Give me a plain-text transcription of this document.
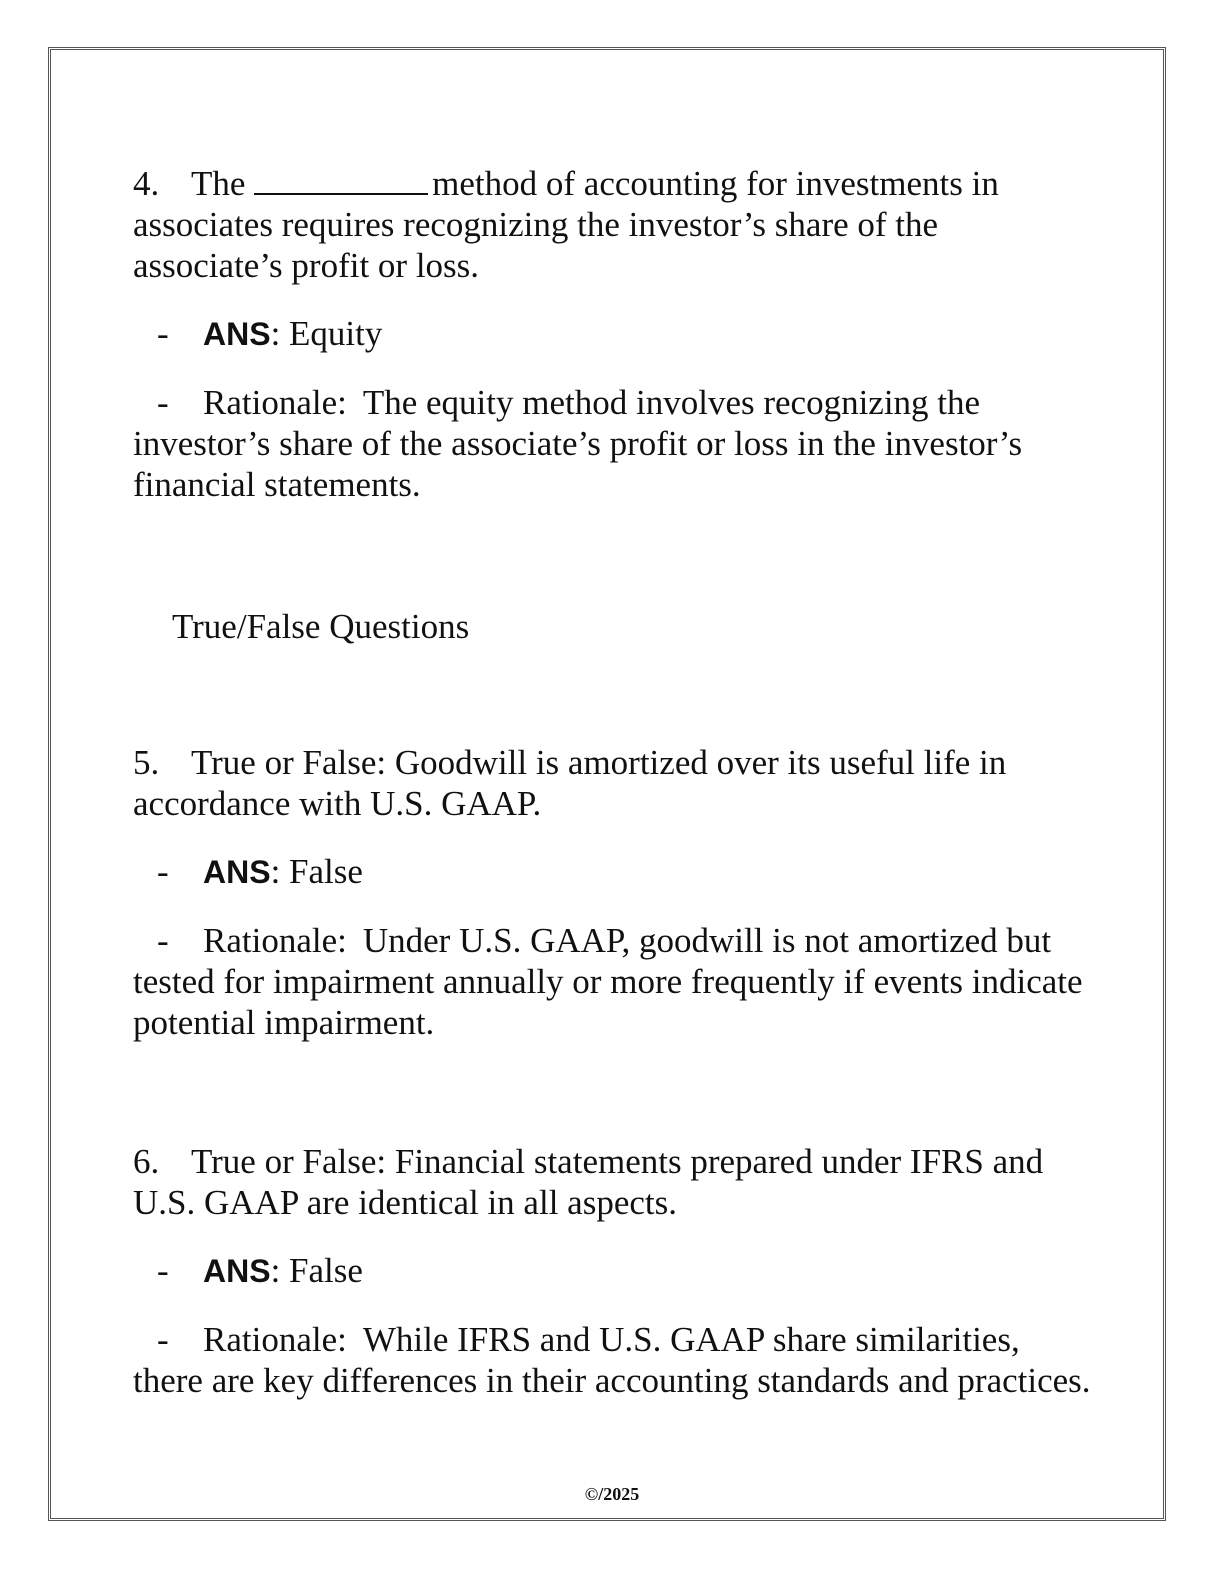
4. The	method of accounting for investments in associates requires recognizing the investor’s share of the associate’s profit or loss.

- ANS: Equity

- Rationale: The equity method involves recognizing the investor’s share of the associate’s profit or loss in the investor’s financial statements.

True/False Questions

5. True or False: Goodwill is amortized over its useful life in accordance with U.S. GAAP.

- ANS: False

- Rationale: Under U.S. GAAP, goodwill is not amortized but tested for impairment annually or more frequently if events indicate potential impairment.

6. True or False: Financial statements prepared under IFRS and U.S. GAAP are identical in all aspects.

- ANS: False

- Rationale: While IFRS and U.S. GAAP share similarities, there are key differences in their accounting standards and practices.

©/2025
